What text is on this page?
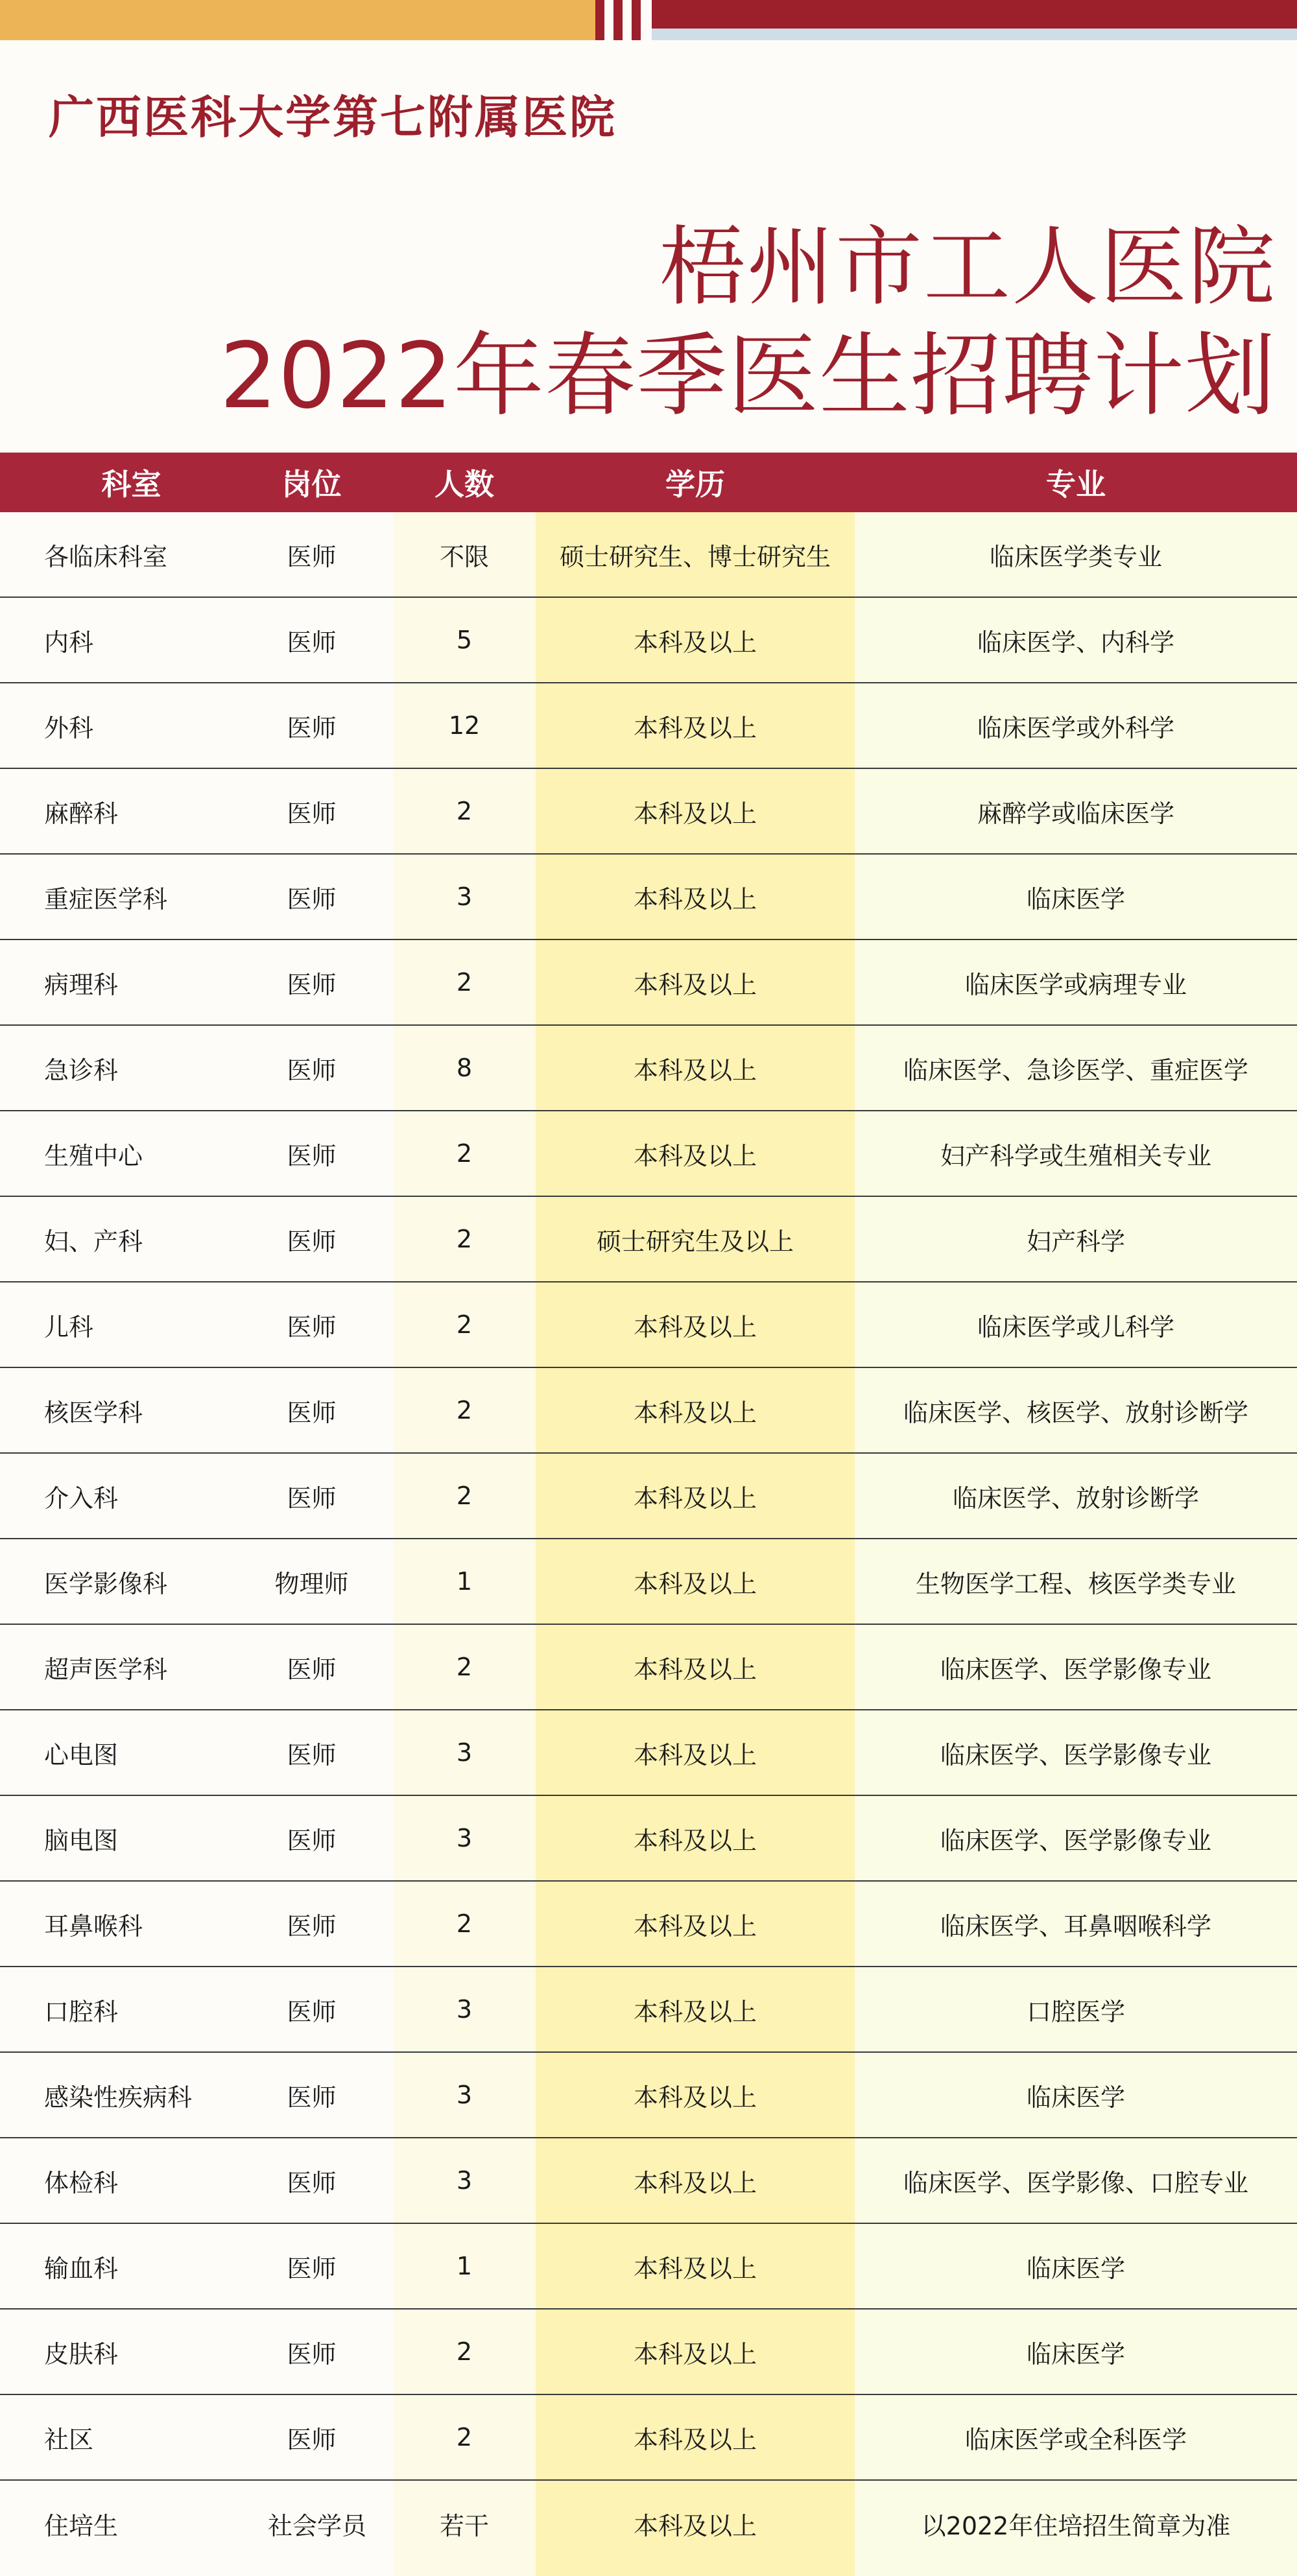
广西医科大学第七附属医院
梧州市工人医院
2022年春季医生招聘计划
科室	岗位	人数	学历	专业
各临床科室	医师	不限	硕士研究生、博士研究生	临床医学类专业
内科	医师	5	本科及以上	临床医学、内科学
外科	医师	12	本科及以上	临床医学或外科学
麻醉科	医师	2	本科及以上	麻醉学或临床医学
重症医学科	医师	3	本科及以上	临床医学
病理科	医师	2	本科及以上	临床医学或病理专业
急诊科	医师	8	本科及以上	临床医学、急诊医学、重症医学
生殖中心	医师	2	本科及以上	妇产科学或生殖相关专业
妇、产科	医师	2	硕士研究生及以上	妇产科学
儿科	医师	2	本科及以上	临床医学或儿科学
核医学科	医师	2	本科及以上	临床医学、核医学、放射诊断学
介入科	医师	2	本科及以上	临床医学、放射诊断学
医学影像科	物理师	1	本科及以上	生物医学工程、核医学类专业
超声医学科	医师	2	本科及以上	临床医学、医学影像专业
心电图	医师	3	本科及以上	临床医学、医学影像专业
脑电图	医师	3	本科及以上	临床医学、医学影像专业
耳鼻喉科	医师	2	本科及以上	临床医学、耳鼻咽喉科学
口腔科	医师	3	本科及以上	口腔医学
感染性疾病科	医师	3	本科及以上	临床医学
体检科	医师	3	本科及以上	临床医学、医学影像、口腔专业
输血科	医师	1	本科及以上	临床医学
皮肤科	医师	2	本科及以上	临床医学
社区	医师	2	本科及以上	临床医学或全科医学
住培生	社会学员	若干	本科及以上	以2022年住培招生简章为准
